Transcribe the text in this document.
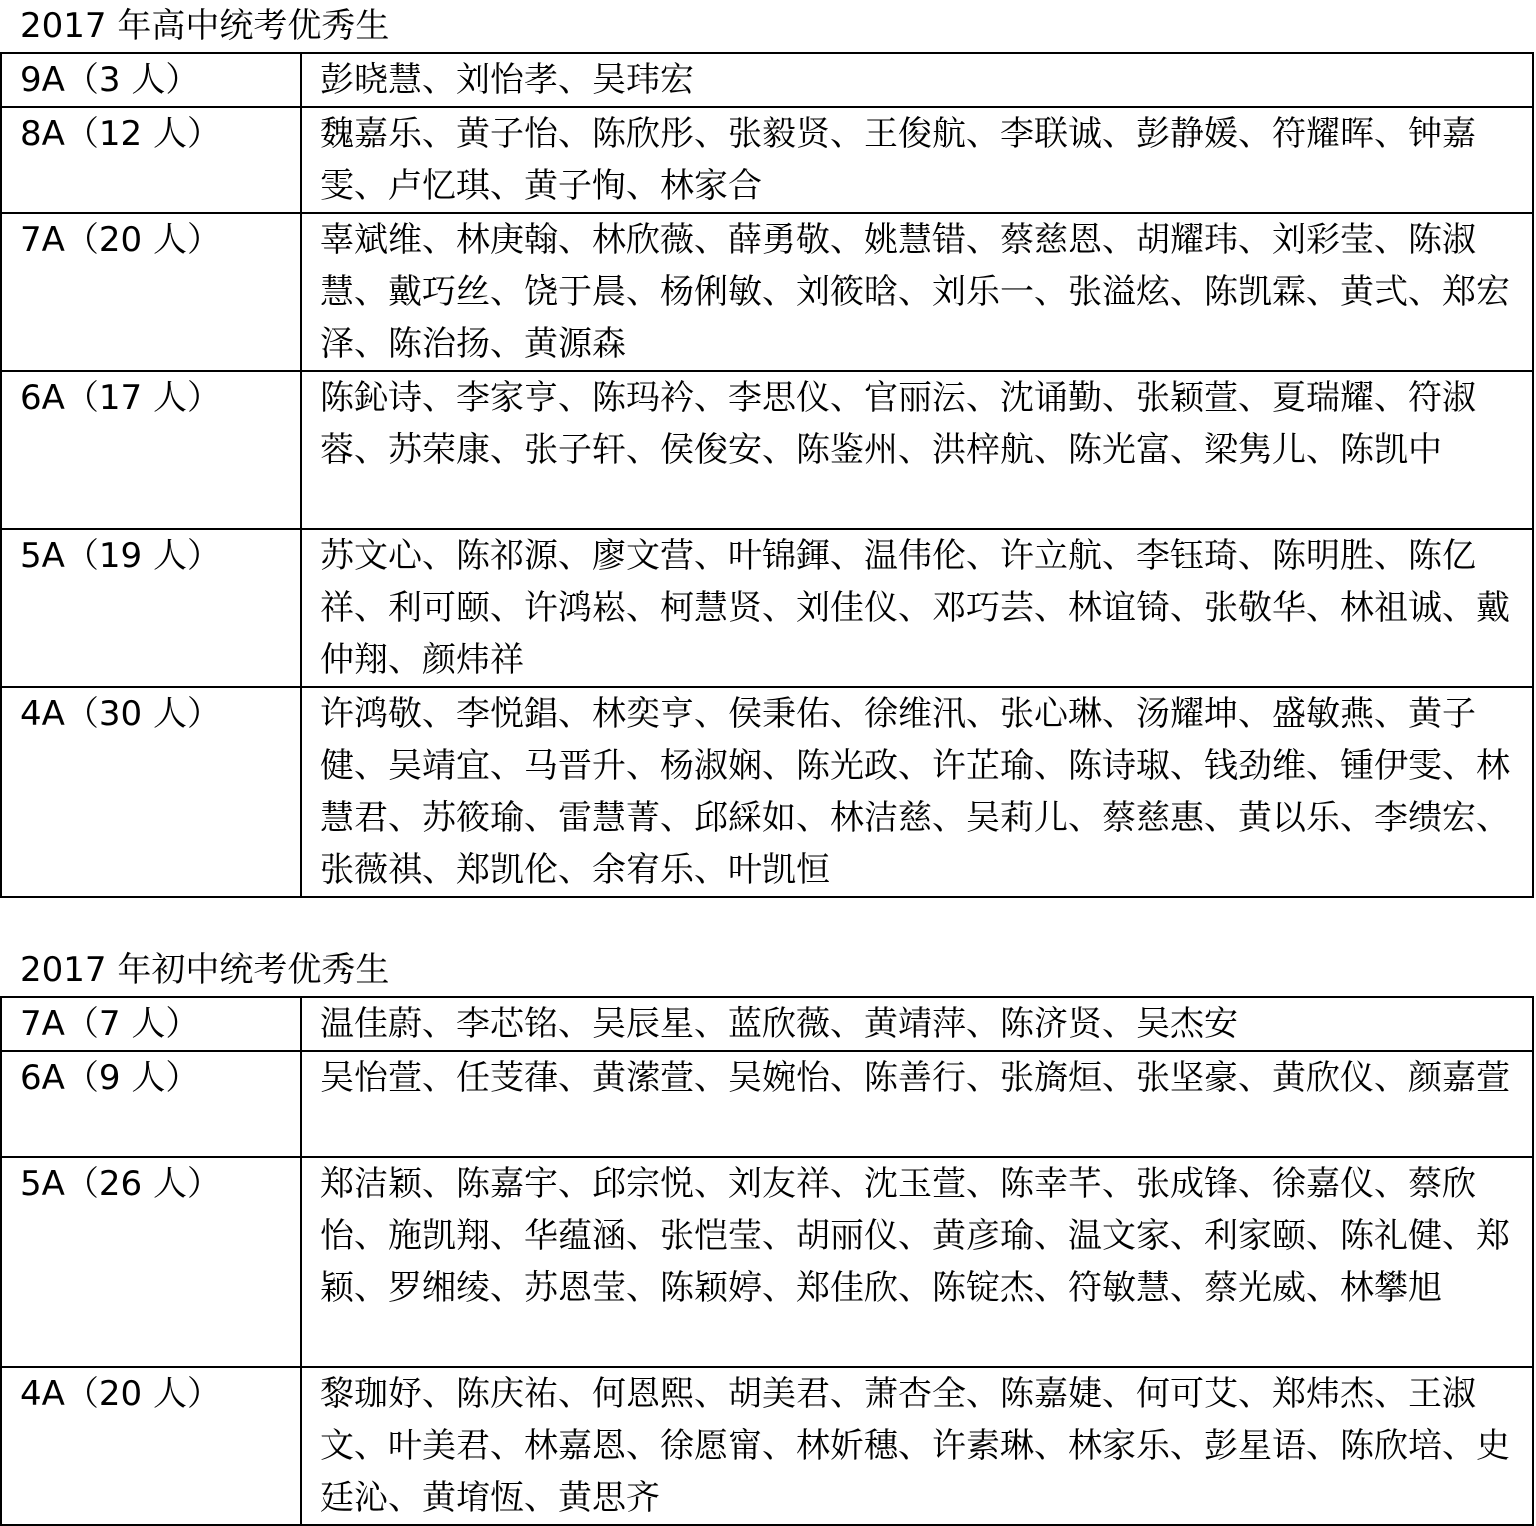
2017 年高中统考优秀生
9A（3 人）	彭晓慧、刘怡孝、吴玮宏
8A（12 人）	魏嘉乐、黄子怡、陈欣彤、张毅贤、王俊航、李联诚、彭静媛、符耀晖、钟嘉雯、卢忆琪、黄子恂、林家合
7A（20 人）	辜斌维、林庚翰、林欣薇、薛勇敬、姚慧错、蔡慈恩、胡耀玮、刘彩莹、陈淑慧、戴巧丝、饶于晨、杨俐敏、刘筱晗、刘乐一、张溢炫、陈凯霖、黄弍、郑宏泽、陈治扬、黄源森
6A（17 人）	陈鈊诗、李家亨、陈玛衿、李思仪、官丽沄、沈诵勤、张颖萱、夏瑞耀、符淑蓉、苏荣康、张子轩、侯俊安、陈鉴州、洪梓航、陈光富、梁隽儿、陈凯中
5A（19 人）	苏文心、陈祁源、廖文营、叶锦鍕、温伟伦、许立航、李钰琦、陈明胜、陈亿祥、利可颐、许鸿崧、柯慧贤、刘佳仪、邓巧芸、林谊锜、张敬华、林祖诚、戴仲翔、颜炜祥
4A（30 人）	许鸿敬、李悦錩、林奕亨、侯秉佑、徐维汛、张心琳、汤耀坤、盛敏燕、黄子健、吴靖宜、马晋升、杨淑娴、陈光政、许芷瑜、陈诗琡、钱劲维、锺伊雯、林慧君、苏筱瑜、雷慧菁、邱綵如、林洁慈、吴莉儿、蔡慈惠、黄以乐、李缋宏、张薇祺、郑凯伦、余宥乐、叶凯恒
2017 年初中统考优秀生
7A（7 人）	温佳蔚、李芯铭、吴辰星、蓝欣薇、黄靖萍、陈济贤、吴杰安
6A（9 人）	吴怡萱、任芰葎、黄潆萱、吴婉怡、陈善行、张旖烜、张坚豪、黄欣仪、颜嘉萱
5A（26 人）	郑洁颖、陈嘉宇、邱宗悦、刘友祥、沈玉萱、陈幸芊、张成锋、徐嘉仪、蔡欣怡、施凯翔、华蕴涵、张恺莹、胡丽仪、黄彦瑜、温文家、利家颐、陈礼健、郑颖、罗缃绫、苏恩莹、陈颖婷、郑佳欣、陈锭杰、符敏慧、蔡光威、林攀旭
4A（20 人）	黎珈妤、陈庆祐、何恩熙、胡美君、萧杏全、陈嘉婕、何可艾、郑炜杰、王淑文、叶美君、林嘉恩、徐愿甯、林妡穗、许素琳、林家乐、彭星语、陈欣培、史廷沁、黄堉恆、黄思齐
